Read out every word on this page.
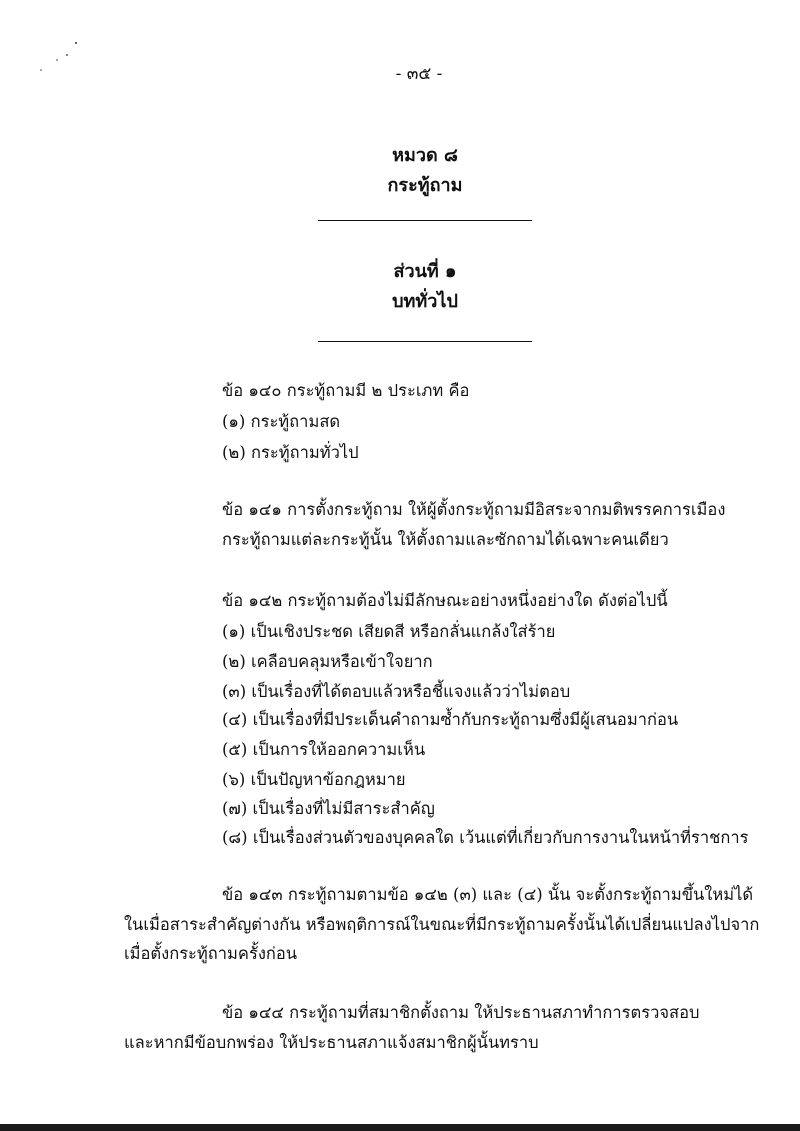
- ๓๕ -
หมวด ๘
กระทู้ถาม
ส่วนที่ ๑
บททั่วไป
ข้อ ๑๔๐ กระทู้ถามมี ๒ ประเภท คือ
(๑) กระทู้ถามสด
(๒) กระทู้ถามทั่วไป
ข้อ ๑๔๑ การตั้งกระทู้ถาม ให้ผู้ตั้งกระทู้ถามมีอิสระจากมติพรรคการเมือง
กระทู้ถามแต่ละกระทู้นั้น ให้ตั้งถามและซักถามได้เฉพาะคนเดียว
ข้อ ๑๔๒ กระทู้ถามต้องไม่มีลักษณะอย่างหนึ่งอย่างใด ดังต่อไปนี้
(๑) เป็นเชิงประชด เสียดสี หรือกลั่นแกล้งใส่ร้าย
(๒) เคลือบคลุมหรือเข้าใจยาก
(๓) เป็นเรื่องที่ได้ตอบแล้วหรือชี้แจงแล้วว่าไม่ตอบ
(๔) เป็นเรื่องที่มีประเด็นคำถามซ้ำกับกระทู้ถามซึ่งมีผู้เสนอมาก่อน
(๕) เป็นการให้ออกความเห็น
(๖) เป็นปัญหาข้อกฎหมาย
(๗) เป็นเรื่องที่ไม่มีสาระสำคัญ
(๘) เป็นเรื่องส่วนตัวของบุคคลใด เว้นแต่ที่เกี่ยวกับการงานในหน้าที่ราชการ
ข้อ ๑๔๓ กระทู้ถามตามข้อ ๑๔๒ (๓) และ (๔) นั้น จะตั้งกระทู้ถามขึ้นใหม่ได้
ในเมื่อสาระสำคัญต่างกัน หรือพฤติการณ์ในขณะที่มีกระทู้ถามครั้งนั้นได้เปลี่ยนแปลงไปจาก
เมื่อตั้งกระทู้ถามครั้งก่อน
ข้อ ๑๔๔ กระทู้ถามที่สมาชิกตั้งถาม ให้ประธานสภาทำการตรวจสอบ
และหากมีข้อบกพร่อง ให้ประธานสภาแจ้งสมาชิกผู้นั้นทราบ
